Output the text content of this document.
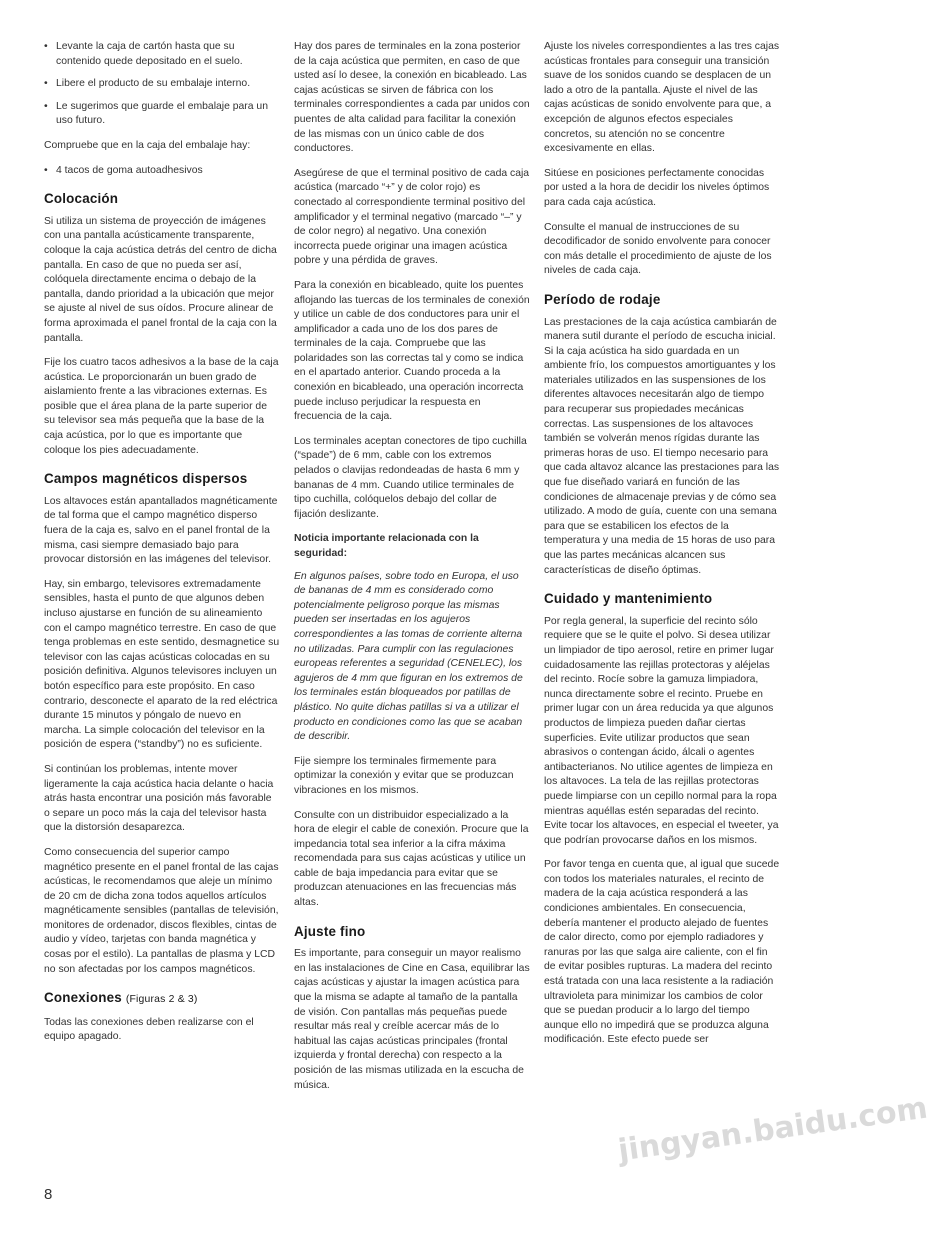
• Levante la caja de cartón hasta que su contenido quede depositado en el suelo.
• Libere el producto de su embalaje interno.
• Le sugerimos que guarde el embalaje para un uso futuro.

Compruebe que en la caja del embalaje hay:

• 4 tacos de goma autoadhesivos
Colocación

Si utiliza un sistema de proyección de imágenes con una pantalla acústicamente transparente, coloque la caja acústica detrás del centro de dicha pantalla. En caso de que no pueda ser así, colóquela directamente encima o debajo de la pantalla, dando prioridad a la ubicación que mejor se ajuste al nivel de sus oídos. Procure alinear de forma aproximada el panel frontal de la caja con la pantalla.

Fije los cuatro tacos adhesivos a la base de la caja acústica. Le proporcionarán un buen grado de aislamiento frente a las vibraciones externas. Es posible que el área plana de la parte superior de su televisor sea más pequeña que la base de la caja acústica, por lo que es importante que coloque los pies adecuadamente.

Campos magnéticos dispersos

Los altavoces están apantallados magnéticamente de tal forma que el campo magnético disperso fuera de la caja es, salvo en el panel frontal de la misma, casi siempre demasiado bajo para provocar distorsión en las imágenes del televisor.

Hay, sin embargo, televisores extremadamente sensibles, hasta el punto de que algunos deben incluso ajustarse en función de su alineamiento con el campo magnético terrestre. En caso de que tenga problemas en este sentido, desmagnetice su televisor con las cajas acústicas colocadas en su posición definitiva. Algunos televisores incluyen un botón específico para este propósito. En caso contrario, desconecte el aparato de la red eléctrica durante 15 minutos y póngalo de nuevo en marcha. La simple colocación del televisor en la posición de espera (“standby”) no es suficiente.

Si continúan los problemas, intente mover ligeramente la caja acústica hacia delante o hacia atrás hasta encontrar una posición más favorable o separe un poco más la caja del televisor hasta que la distorsión desaparezca.

Como consecuencia del superior campo magnético presente en el panel frontal de las cajas acústicas, le recomendamos que aleje un mínimo de 20 cm de dicha zona todos aquellos artículos magnéticamente sensibles (pantallas de televisión, monitores de ordenador, discos flexibles, cintas de audio y vídeo, tarjetas con banda magnética y cosas por el estilo). La pantallas de plasma y LCD no son afectadas por los campos magnéticos.

Conexiones (Figuras 2 & 3)

Todas las conexiones deben realizarse con el equipo apagado.

Hay dos pares de terminales en la zona posterior de la caja acústica que permiten, en caso de que usted así lo desee, la conexión en bicableado. Las cajas acústicas se sirven de fábrica con los terminales correspondientes a cada par unidos con puentes de alta calidad para facilitar la conexión de las mismas con un único cable de dos conductores.

Asegúrese de que el terminal positivo de cada caja acústica (marcado “+” y de color rojo) es conectado al correspondiente terminal positivo del amplificador y el terminal negativo (marcado “–” y de color negro) al negativo. Una conexión incorrecta puede originar una imagen acústica pobre y una pérdida de graves.

Para la conexión en bicableado, quite los puentes aflojando las tuercas de los terminales de conexión y utilice un cable de dos conductores para unir el amplificador a cada uno de los dos pares de terminales de la caja. Compruebe que las polaridades son las correctas tal y como se indica en el apartado anterior. Cuando proceda a la conexión en bicableado, una operación incorrecta puede incluso perjudicar la respuesta en frecuencia de la caja.

Los terminales aceptan conectores de tipo cuchilla (“spade”) de 6 mm, cable con los extremos pelados o clavijas redondeadas de hasta 6 mm y bananas de 4 mm. Cuando utilice terminales de tipo cuchilla, colóquelos debajo del collar de fijación deslizante.

Noticia importante relacionada con la seguridad:

En algunos países, sobre todo en Europa, el uso de bananas de 4 mm es considerado como potencialmente peligroso porque las mismas pueden ser insertadas en los agujeros correspondientes a las tomas de corriente alterna no utilizadas. Para cumplir con las regulaciones europeas referentes a seguridad (CENELEC), los agujeros de 4 mm que figuran en los extremos de los terminales están bloqueados por patillas de plástico. No quite dichas patillas si va a utilizar el producto en condiciones como las que se acaban de describir.

Fije siempre los terminales firmemente para optimizar la conexión y evitar que se produzcan vibraciones en los mismos.

Consulte con un distribuidor especializado a la hora de elegir el cable de conexión. Procure que la impedancia total sea inferior a la cifra máxima recomendada para sus cajas acústicas y utilice un cable de baja impedancia para evitar que se produzcan atenuaciones en las frecuencias más altas.

Ajuste fino

Es importante, para conseguir un mayor realismo en las instalaciones de Cine en Casa, equilibrar las cajas acústicas y ajustar la imagen acústica para que la misma se adapte al tamaño de la pantalla de visión. Con pantallas más pequeñas puede resultar más real y creíble acercar más de lo habitual las cajas acústicas principales (frontal izquierda y frontal derecha) con respecto a la posición de las mismas utilizada en la escucha de música.

Ajuste los niveles correspondientes a las tres cajas acústicas frontales para conseguir una transición suave de los sonidos cuando se desplacen de un lado a otro de la pantalla. Ajuste el nivel de las cajas acústicas de sonido envolvente para que, a excepción de algunos efectos especiales concretos, su atención no se concentre excesivamente en ellas.

Sitúese en posiciones perfectamente conocidas por usted a la hora de decidir los niveles óptimos para cada caja acústica.

Consulte el manual de instrucciones de su decodificador de sonido envolvente para conocer con más detalle el procedimiento de ajuste de los niveles de cada caja.

Período de rodaje

Las prestaciones de la caja acústica cambiarán de manera sutil durante el período de escucha inicial. Si la caja acústica ha sido guardada en un ambiente frío, los compuestos amortiguantes y los materiales utilizados en las suspensiones de los diferentes altavoces necesitarán algo de tiempo para recuperar sus propiedades mecánicas correctas. Las suspensiones de los altavoces también se volverán menos rígidas durante las primeras horas de uso. El tiempo necesario para que cada altavoz alcance las prestaciones para las que fue diseñado variará en función de las condiciones de almacenaje previas y de cómo sea utilizado. A modo de guía, cuente con una semana para que se estabilicen los efectos de la temperatura y una media de 15 horas de uso para que las partes mecánicas alcancen sus características de diseño óptimas.

Cuidado y mantenimiento

Por regla general, la superficie del recinto sólo requiere que se le quite el polvo. Si desea utilizar un limpiador de tipo aerosol, retire en primer lugar cuidadosamente las rejillas protectoras y aléjelas del recinto. Rocíe sobre la gamuza limpiadora, nunca directamente sobre el recinto. Pruebe en primer lugar con un área reducida ya que algunos productos de limpieza pueden dañar ciertas superficies. Evite utilizar productos que sean abrasivos o contengan ácido, álcali o agentes antibacterianos. No utilice agentes de limpieza en los altavoces. La tela de las rejillas protectoras puede limpiarse con un cepillo normal para la ropa mientras aquéllas estén separadas del recinto. Evite tocar los altavoces, en especial el tweeter, ya que podrían provocarse daños en los mismos.

Por favor tenga en cuenta que, al igual que sucede con todos los materiales naturales, el recinto de madera de la caja acústica responderá a las condiciones ambientales. En consecuencia, debería mantener el producto alejado de fuentes de calor directo, como por ejemplo radiadores y ranuras por las que salga aire caliente, con el fin de evitar posibles rupturas. La madera del recinto está tratada con una laca resistente a la radiación ultravioleta para minimizar los cambios de color que se puedan producir a lo largo del tiempo aunque ello no impedirá que se produzca alguna modificación. Este efecto puede ser

8
jingyan.baidu.com
